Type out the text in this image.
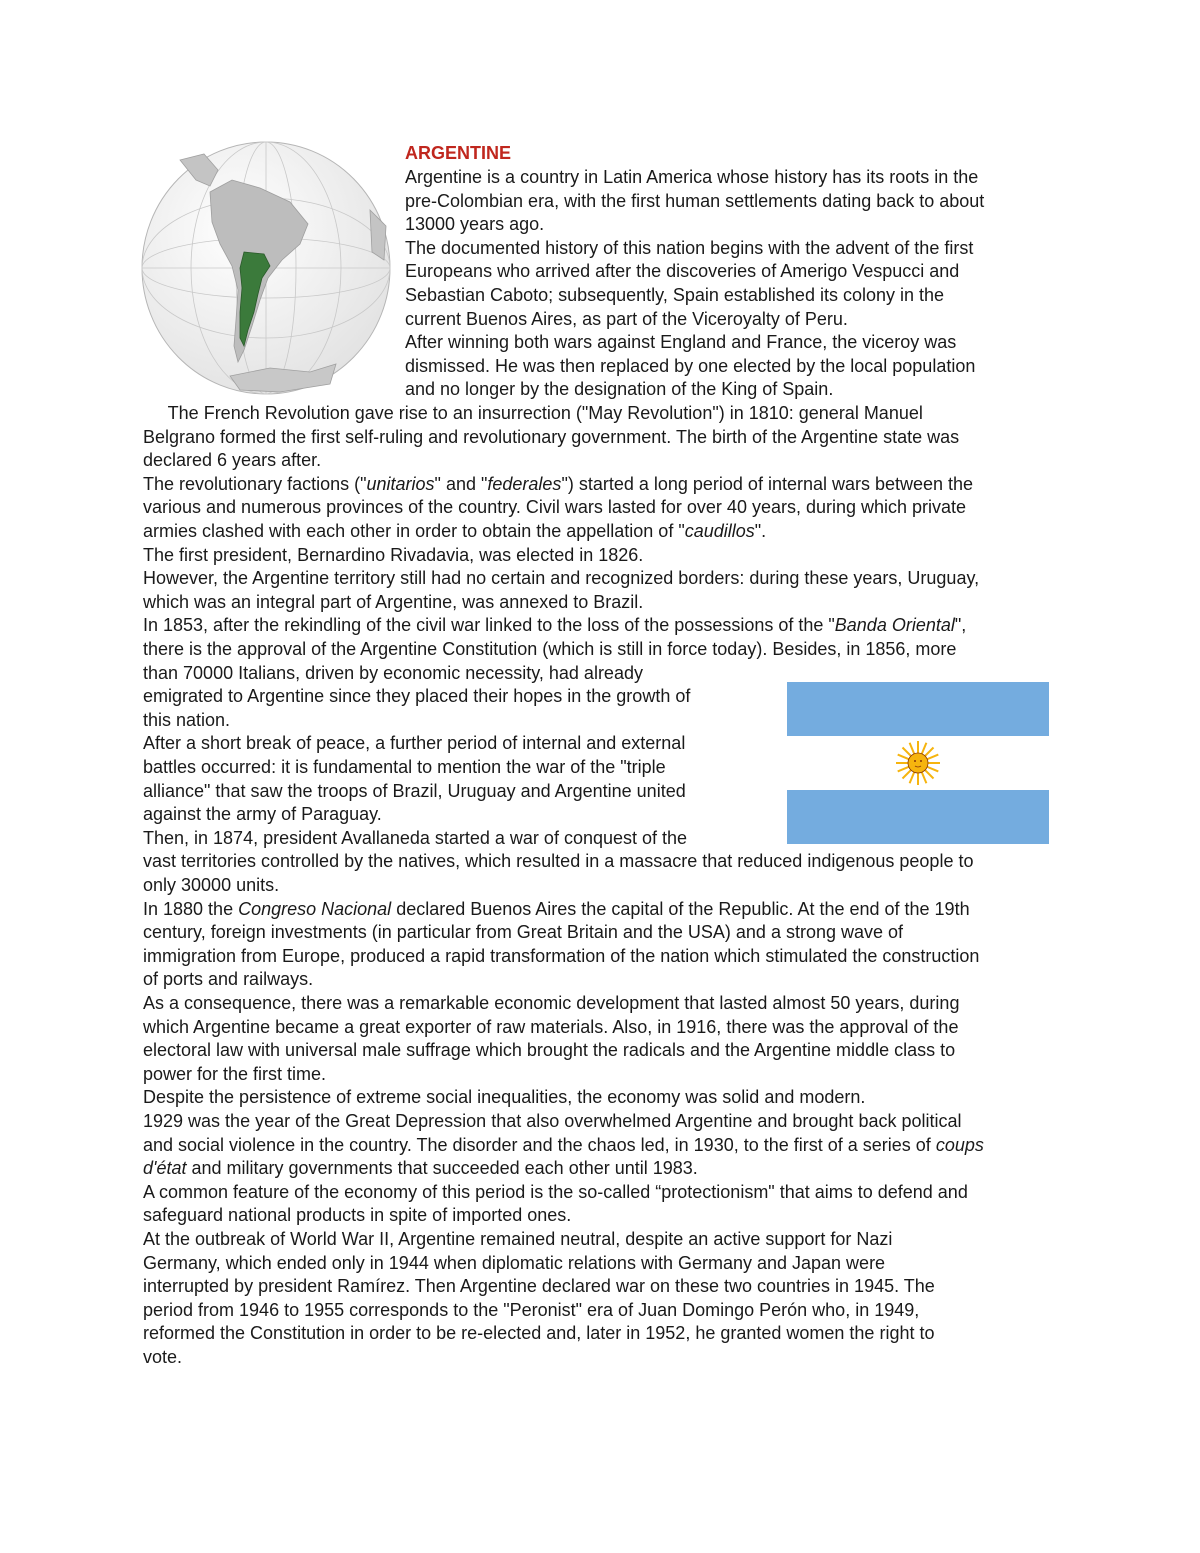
ARGENTINE
Argentine is a country in Latin America whose history has its roots in the
pre-Colombian era, with the first human settlements dating back to about
13000 years ago.
The documented history of this nation begins with the advent of the first
Europeans who arrived after the discoveries of Amerigo Vespucci and
Sebastian Caboto; subsequently, Spain established its colony in the
current Buenos Aires, as part of the Viceroyalty of Peru.
After winning both wars against England and France, the viceroy was
dismissed. He was then replaced by one elected by the local population
and no longer by the designation of the King of Spain.
The French Revolution gave rise to an insurrection ("May Revolution") in 1810: general Manuel
Belgrano formed the first self-ruling and revolutionary government. The birth of the Argentine state was
declared 6 years after.
The revolutionary factions ("unitarios" and "federales") started a long period of internal wars between the
various and numerous provinces of the country. Civil wars lasted for over 40 years, during which private
armies clashed with each other in order to obtain the appellation of "caudillos".
The first president, Bernardino Rivadavia, was elected in 1826.
However, the Argentine territory still had no certain and recognized borders: during these years, Uruguay,
which was an integral part of Argentine, was annexed to Brazil.
In 1853, after the rekindling of the civil war linked to the loss of the possessions of the "Banda Oriental",
there is the approval of the Argentine Constitution (which is still in force today). Besides, in 1856, more
than 70000 Italians, driven by economic necessity, had already
emigrated to Argentine since they placed their hopes in the growth of
this nation.
After a short break of peace, a further period of internal and external
battles occurred: it is fundamental to mention the war of the "triple
alliance" that saw the troops of Brazil, Uruguay and Argentine united
against the army of Paraguay.
Then, in 1874, president Avallaneda started a war of conquest of the
vast territories controlled by the natives, which resulted in a massacre that reduced indigenous people to
only 30000 units.
In 1880 the Congreso Nacional declared Buenos Aires the capital of the Republic. At the end of the 19th
century, foreign investments (in particular from Great Britain and the USA) and a strong wave of
immigration from Europe, produced a rapid transformation of the nation which stimulated the construction
of ports and railways.
As a consequence, there was a remarkable economic development that lasted almost 50 years, during
which Argentine became a great exporter of raw materials. Also, in 1916, there was the approval of the
electoral law with universal male suffrage which brought the radicals and the Argentine middle class to
power for the first time.
Despite the persistence of extreme social inequalities, the economy was solid and modern.
1929 was the year of the Great Depression that also overwhelmed Argentine and brought back political
and social violence in the country. The disorder and the chaos led, in 1930, to the first of a series of coups
d'état and military governments that succeeded each other until 1983.
A common feature of the economy of this period is the so-called “protectionism" that aims to defend and
safeguard national products in spite of imported ones.
At the outbreak of World War II, Argentine remained neutral, despite an active support for Nazi
Germany, which ended only in 1944 when diplomatic relations with Germany and Japan were
interrupted by president Ramírez. Then Argentine declared war on these two countries in 1945. The
period from 1946 to 1955 corresponds to the "Peronist" era of Juan Domingo Perón who, in 1949,
reformed the Constitution in order to be re-elected and, later in 1952, he granted women the right to
vote.
